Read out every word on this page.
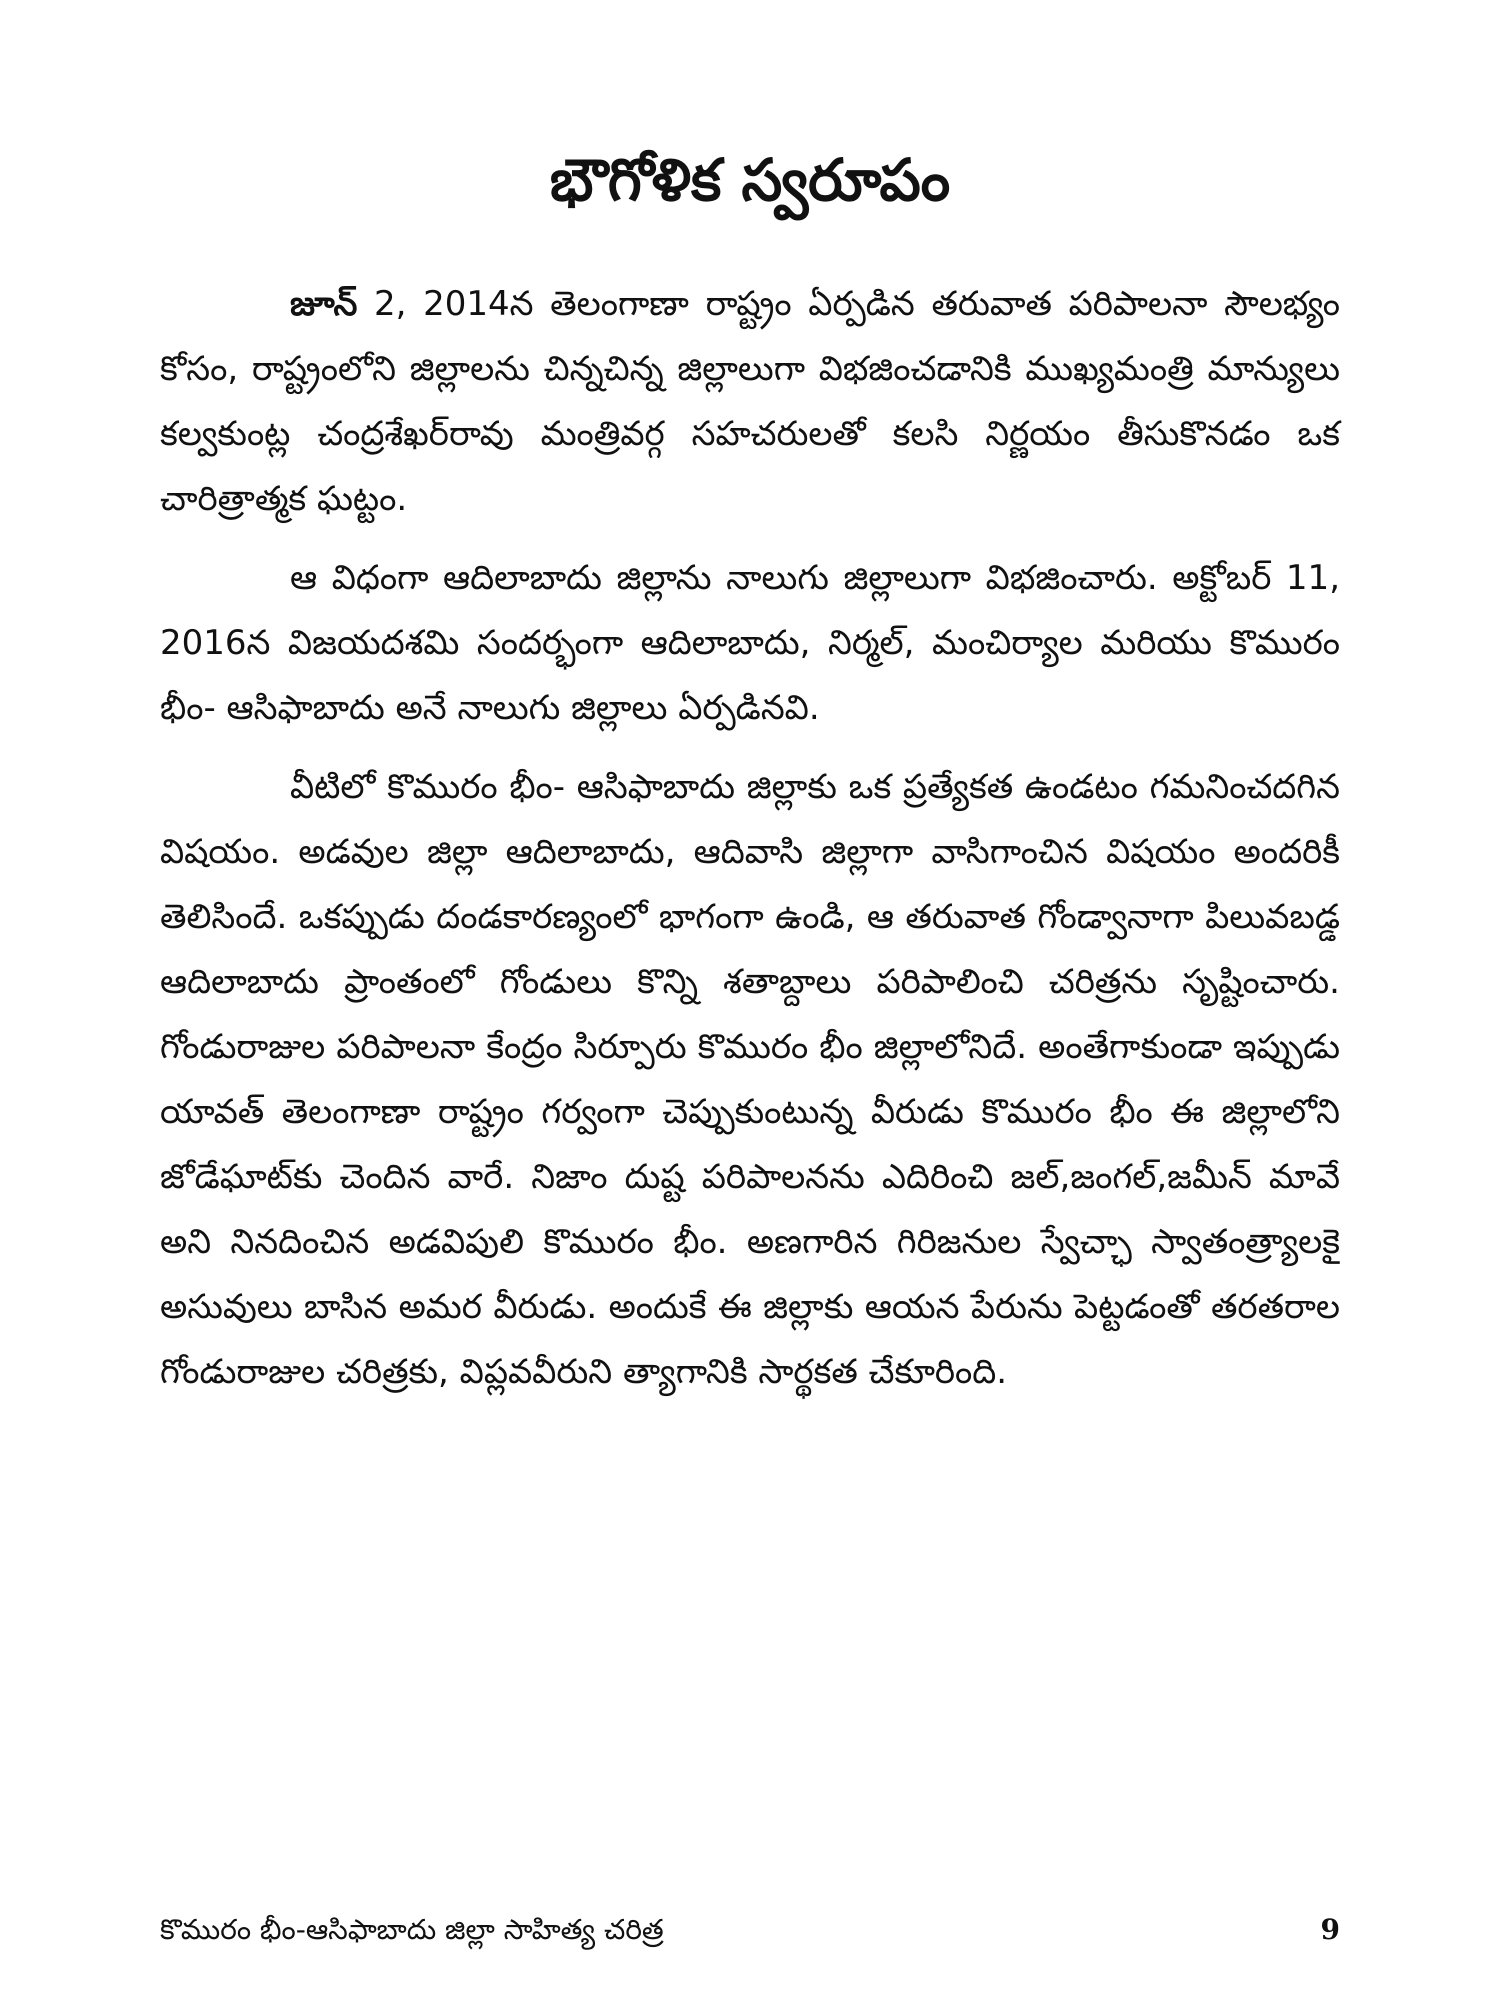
భౌగోళిక స్వరూపం

జూన్ 2, 2014న తెలంగాణా రాష్ట్రం ఏర్పడిన తరువాత పరిపాలనా సౌలభ్యం కోసం, రాష్ట్రంలోని జిల్లాలను చిన్నచిన్న జిల్లాలుగా విభజించడానికి ముఖ్యమంత్రి మాన్యులు కల్వకుంట్ల చంద్రశేఖర్‌రావు మంత్రివర్గ సహచరులతో కలసి నిర్ణయం తీసుకొనడం ఒక చారిత్రాత్మక ఘట్టం.

ఆ విధంగా ఆదిలాబాదు జిల్లాను నాలుగు జిల్లాలుగా విభజించారు. అక్టోబర్ 11, 2016న విజయదశమి సందర్భంగా ఆదిలాబాదు, నిర్మల్, మంచిర్యాల మరియు కొమురం భీం- ఆసిఫాబాదు అనే నాలుగు జిల్లాలు ఏర్పడినవి.

వీటిలో కొమురం భీం- ఆసిఫాబాదు జిల్లాకు ఒక ప్రత్యేకత ఉండటం గమనించదగిన విషయం. అడవుల జిల్లా ఆదిలాబాదు, ఆదివాసి జిల్లాగా వాసిగాంచిన విషయం అందరికీ తెలిసిందే. ఒకప్పుడు దండకారణ్యంలో భాగంగా ఉండి, ఆ తరువాత గోండ్వానాగా పిలువబడ్డ ఆదిలాబాదు ప్రాంతంలో గోండులు కొన్ని శతాబ్దాలు పరిపాలించి చరిత్రను సృష్టించారు. గోండురాజుల పరిపాలనా కేంద్రం సిర్పూరు కొమురం భీం జిల్లాలోనిదే. అంతేగాకుండా ఇప్పుడు యావత్ తెలంగాణా రాష్ట్రం గర్వంగా చెప్పుకుంటున్న వీరుడు కొమురం భీం ఈ జిల్లాలోని జోడేఘాట్‌కు చెందిన వారే. నిజాం దుష్ట పరిపాలనను ఎదిరించి జల్,జంగల్,జమీన్ మావే అని నినదించిన అడవిపులి కొమురం భీం. అణగారిన గిరిజనుల స్వేచ్ఛా స్వాతంత్ర్యాలకై అసువులు బాసిన అమర వీరుడు. అందుకే ఈ జిల్లాకు ఆయన పేరును పెట్టడంతో తరతరాల గోండురాజుల చరిత్రకు, విప్లవవీరుని త్యాగానికి సార్థకత చేకూరింది.

కొమురం భీం-ఆసిఫాబాదు జిల్లా సాహిత్య చరిత్ర	9
